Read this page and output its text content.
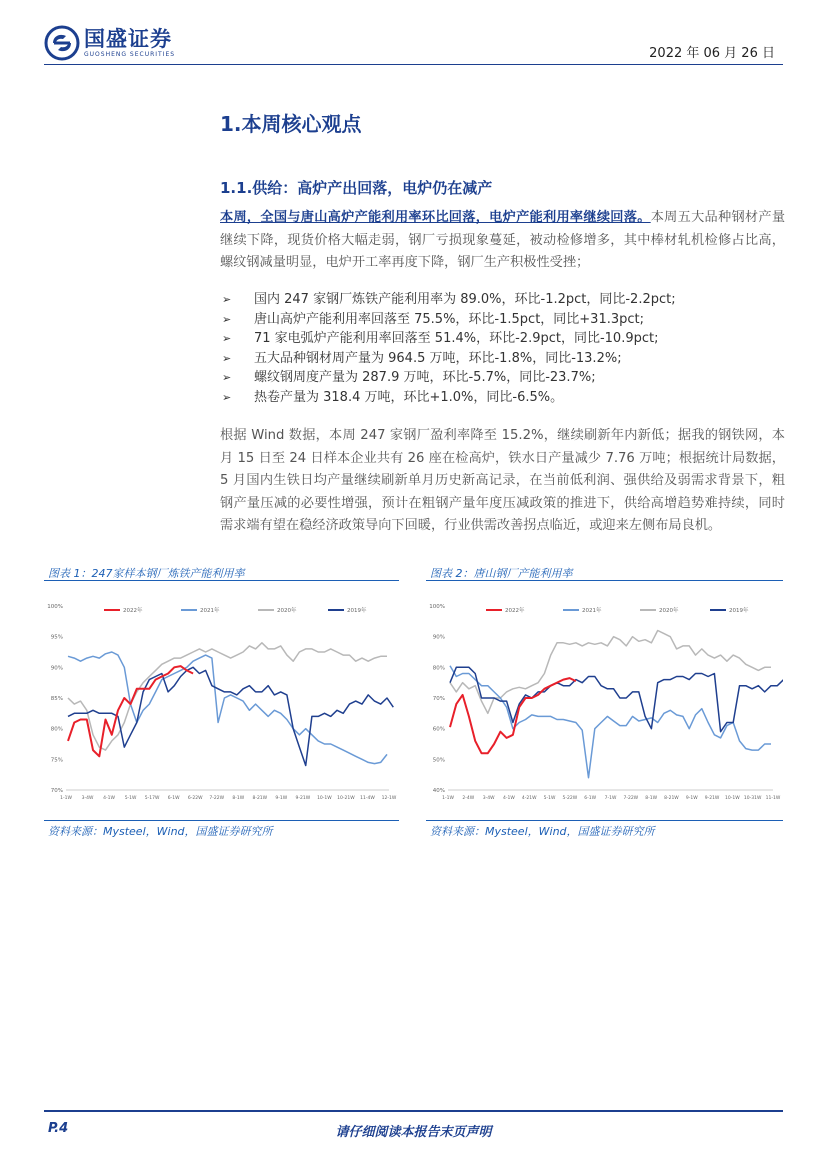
国盛证券
GUOSHENG SECURITIES	2022 年 06 月 26 日
1.本周核心观点
1.1.供给：高炉产出回落，电炉仍在减产

本周，全国与唐山高炉产能利用率环比回落，电炉产能利用率继续回落。本周五大品种钢材产量继续下降，现货价格大幅走弱，钢厂亏损现象蔓延，被动检修增多，其中棒材轧机检修占比高，螺纹钢减量明显，电炉开工率再度下降，钢厂生产积极性受挫；

➢	国内 247 家钢厂炼铁产能利用率为 89.0%，环比-1.2pct，同比-2.2pct;
➢	唐山高炉产能利用率回落至 75.5%，环比-1.5pct，同比+31.3pct;
➢	71 家电弧炉产能利用率回落至 51.4%，环比-2.9pct，同比-10.9pct;
➢	五大品种钢材周产量为 964.5 万吨，环比-1.8%，同比-13.2%;
➢	螺纹钢周度产量为 287.9 万吨，环比-5.7%，同比-23.7%;
➢	热卷产量为 318.4 万吨，环比+1.0%，同比-6.5%。

根据 Wind 数据，本周 247 家钢厂盈利率降至 15.2%，继续刷新年内新低；据我的钢铁网，本月 15 日至 24 日样本企业共有 26 座在检高炉，铁水日产量减少 7.76 万吨；根据统计局数据，5 月国内生铁日均产量继续刷新单月历史新高记录，在当前低利润、强供给及弱需求背景下，粗钢产量压减的必要性增强，预计在粗钢产量年度压减政策的推进下，供给高增趋势难持续，同时需求端有望在稳经济政策导向下回暖，行业供需改善拐点临近，或迎来左侧布局良机。

图表 1：247家样本钢厂炼铁产能利用率
70%
75%
80%
85%
90%
95%
100%
1-1W 3-4W 4-1W 5-1W 5-17W 6-1W 6-22W 7-22W 8-1W 8-21W 9-1W 9-21W 10-1W 10-21W 11-4W 12-1W
2022年	2021年	2020年	2019年
资料来源：Mysteel，Wind，国盛证券研究所
图表 2：唐山钢厂产能利用率
40%
50%
60%
70%
80%
90%
100%
1-1W 2-4W 3-4W 4-1W 4-21W 5-1W 5-22W 6-1W 7-1W 7-22W 8-1W 8-21W 9-1W 9-21W 10-1W 10-31W 11-1W
2022年	2021年	2020年	2019年
资料来源：Mysteel，Wind，国盛证券研究所
P.4	请仔细阅读本报告末页声明
